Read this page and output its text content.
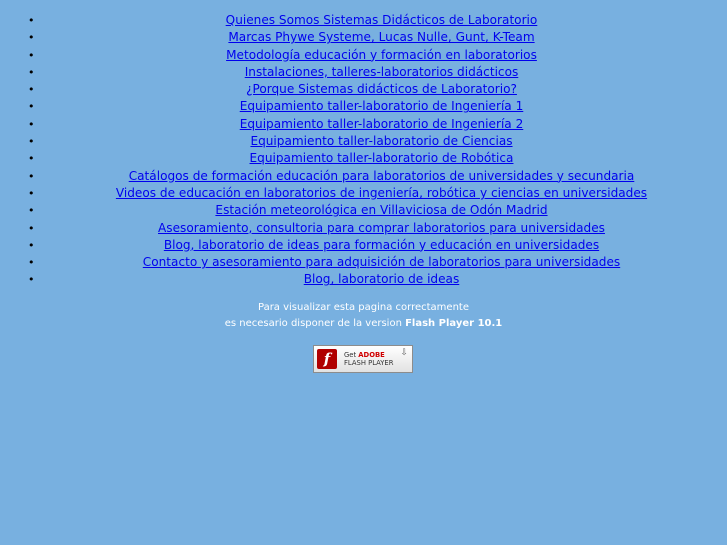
•	Quienes Somos Sistemas Didácticos de Laboratorio
•	Marcas Phywe Systeme, Lucas Nulle, Gunt, K-Team
•	Metodología educación y formación en laboratorios
•	Instalaciones, talleres-laboratorios didácticos
•	¿Porque Sistemas didácticos de Laboratorio?
•	Equipamiento taller-laboratorio de Ingeniería 1
•	Equipamiento taller-laboratorio de Ingeniería 2
•	Equipamiento taller-laboratorio de Ciencias
•	Equipamiento taller-laboratorio de Robótica
•	Catálogos de formación educación para laboratorios de universidades y secundaria
•	Videos de educación en laboratorios de ingeniería, robótica y ciencias en universidades
•	Estación meteorológica en Villaviciosa de Odón Madrid
•	Asesoramiento, consultoria para comprar laboratorios para universidades
•	Blog, laboratorio de ideas para formación y educación en universidades
•	Contacto y asesoramiento para adquisición de laboratorios para universidades
•	Blog, laboratorio de ideas
Para visualizar esta pagina correctamente
es necesario disponer de la version Flash Player 10.1
f	Get ADOBE
FLASH PLAYER
⇩
